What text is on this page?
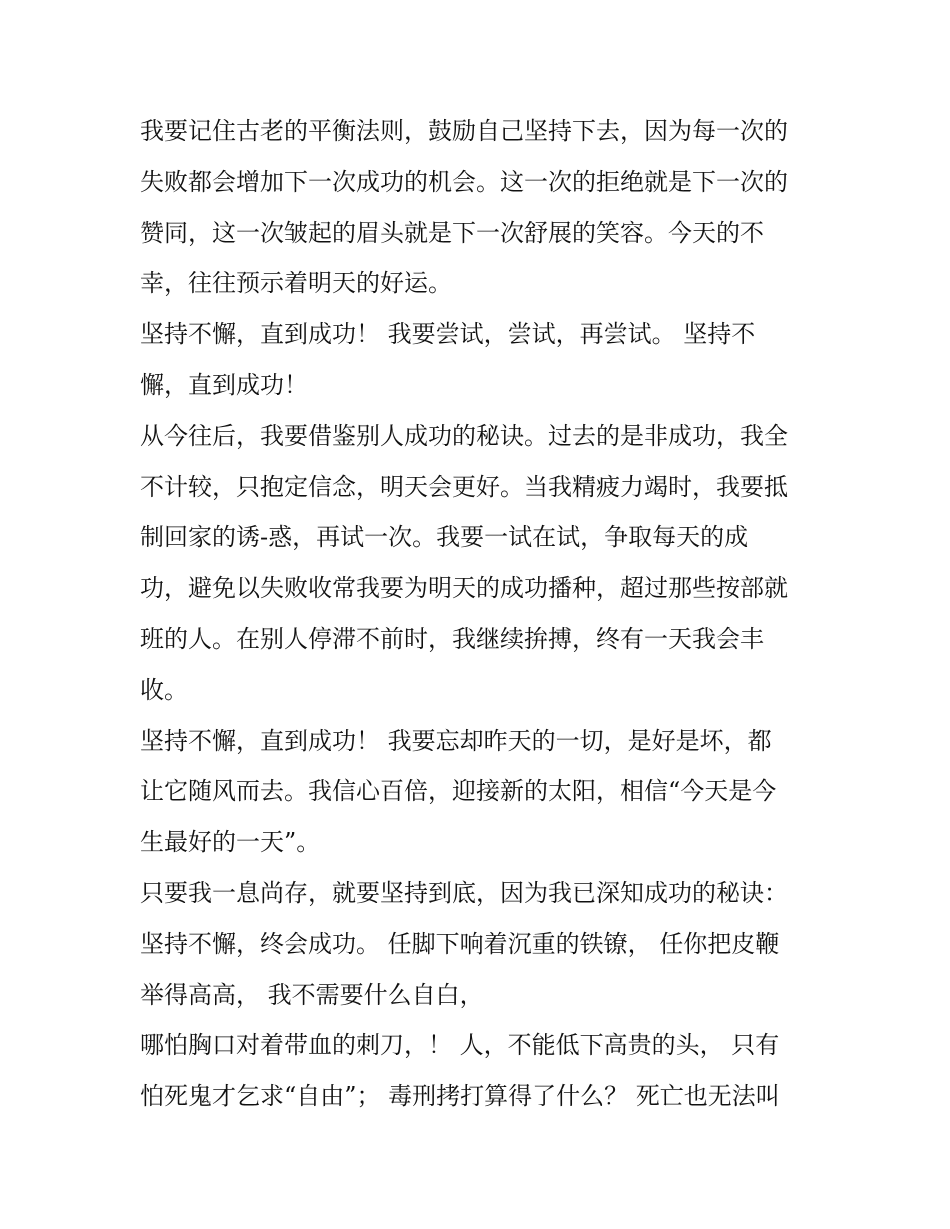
我要记住古老的平衡法则，鼓励自己坚持下去，因为每一次的
失败都会增加下一次成功的机会。这一次的拒绝就是下一次的
赞同，这一次皱起的眉头就是下一次舒展的笑容。今天的不
幸，往往预示着明天的好运。
坚持不懈，直到成功！ 我要尝试，尝试，再尝试。 坚持不
懈，直到成功！
从今往后，我要借鉴别人成功的秘诀。过去的是非成功，我全
不计较，只抱定信念，明天会更好。当我精疲力竭时，我要抵
制回家的诱-惑，再试一次。我要一试在试，争取每天的成
功，避免以失败收常我要为明天的成功播种，超过那些按部就
班的人。在别人停滞不前时，我继续拚搏，终有一天我会丰
收。
坚持不懈，直到成功！ 我要忘却昨天的一切，是好是坏，都
让它随风而去。我信心百倍，迎接新的太阳，相信“今天是今
生最好的一天”。
只要我一息尚存，就要坚持到底，因为我已深知成功的秘诀：
坚持不懈，终会成功。 任脚下响着沉重的铁镣， 任你把皮鞭
举得高高， 我不需要什么自白，
哪怕胸口对着带血的刺刀，！ 人，不能低下高贵的头， 只有
怕死鬼才乞求“自由”； 毒刑拷打算得了什么？ 死亡也无法叫
